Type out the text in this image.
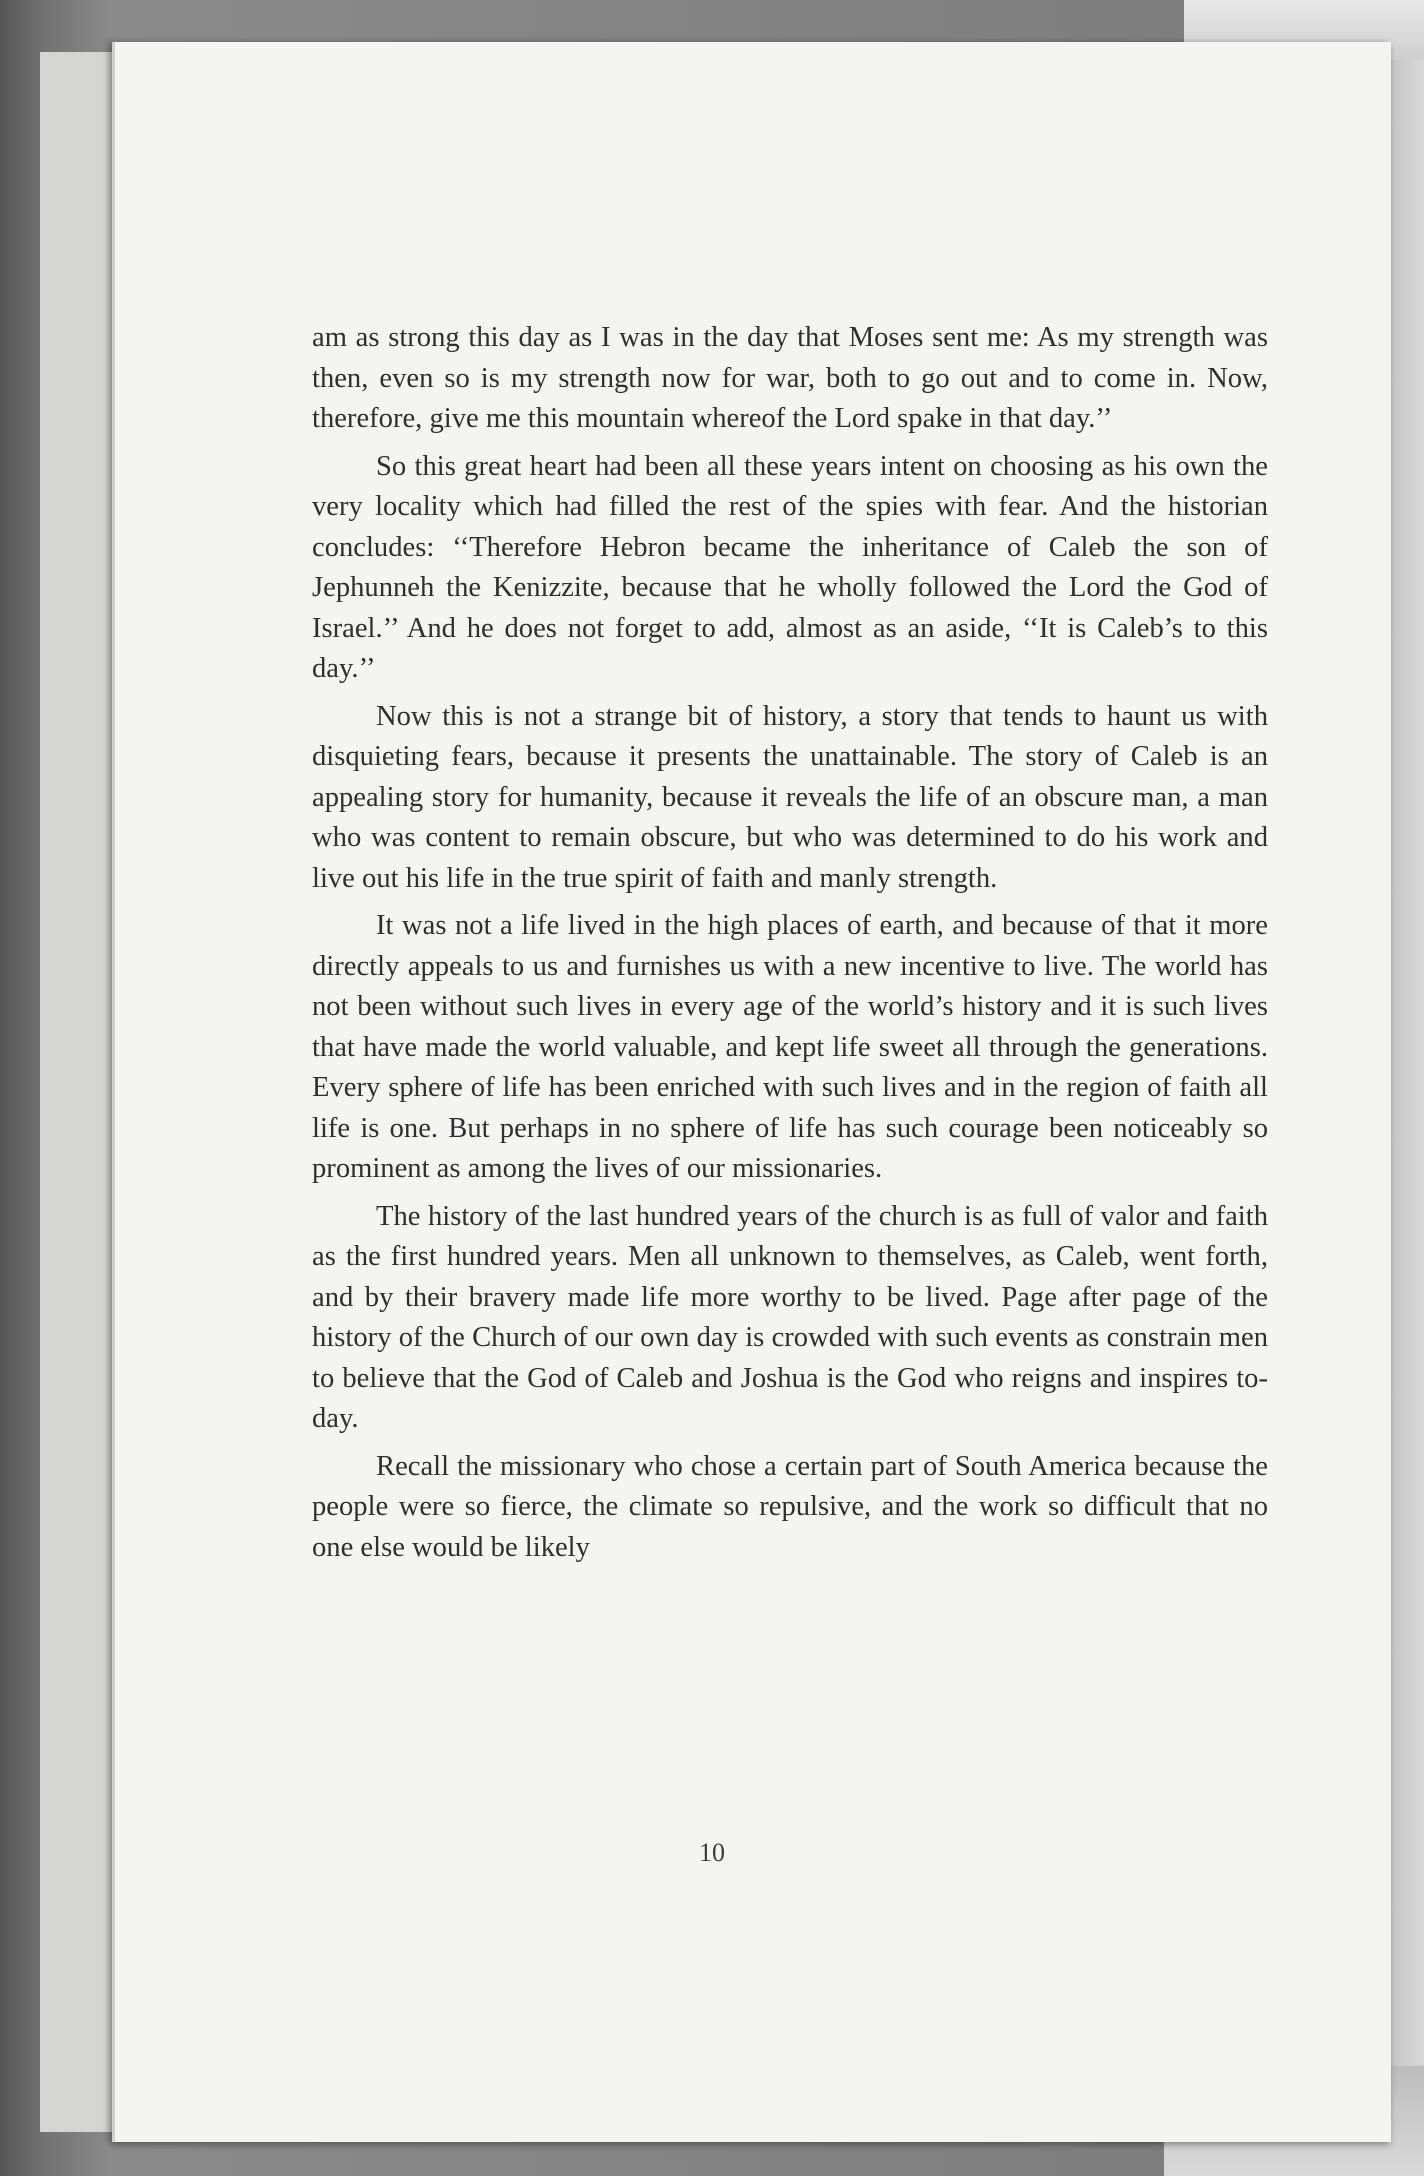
am as strong this day as I was in the day that Moses sent me: As my strength was then, even so is my strength now for war, both to go out and to come in. Now, therefore, give me this mountain whereof the Lord spake in that day.’’

So this great heart had been all these years intent on choosing as his own the very locality which had filled the rest of the spies with fear. And the historian concludes: ‘‘Therefore Hebron became the inheritance of Caleb the son of Jephunneh the Kenizzite, because that he wholly followed the Lord the God of Israel.’’ And he does not forget to add, almost as an aside, ‘‘It is Caleb’s to this day.’’

Now this is not a strange bit of history, a story that tends to haunt us with disquieting fears, because it presents the unattainable. The story of Caleb is an appealing story for humanity, because it reveals the life of an obscure man, a man who was content to remain obscure, but who was determined to do his work and live out his life in the true spirit of faith and manly strength.

It was not a life lived in the high places of earth, and because of that it more directly appeals to us and furnishes us with a new incentive to live. The world has not been without such lives in every age of the world’s history and it is such lives that have made the world valuable, and kept life sweet all through the generations. Every sphere of life has been enriched with such lives and in the region of faith all life is one. But perhaps in no sphere of life has such courage been noticeably so prominent as among the lives of our missionaries.

The history of the last hundred years of the church is as full of valor and faith as the first hundred years. Men all unknown to themselves, as Caleb, went forth, and by their bravery made life more worthy to be lived. Page after page of the history of the Church of our own day is crowded with such events as constrain men to believe that the God of Caleb and Joshua is the God who reigns and inspires to-day.

Recall the missionary who chose a certain part of South America because the people were so fierce, the climate so repulsive, and the work so difficult that no one else would be likely

10
